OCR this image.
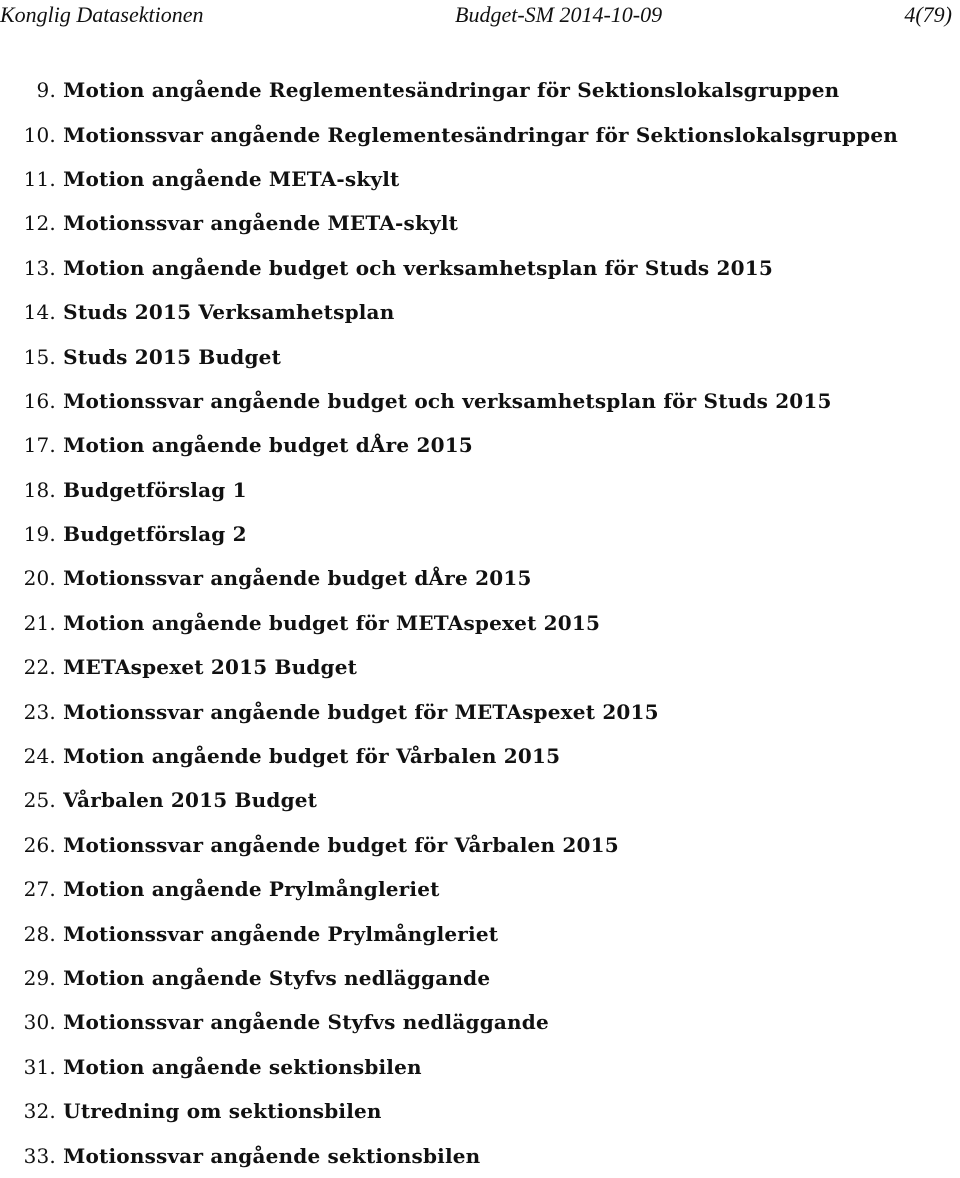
Konglig Datasektionen	Budget-SM 2014-10-09	4(79)
9.
Motion angående Reglementesändringar för Sektionslokalsgruppen
10.
Motionssvar angående Reglementesändringar för Sektionslokalsgruppen
11.
Motion angående META-skylt
12.
Motionssvar angående META-skylt
13.
Motion angående budget och verksamhetsplan för Studs 2015
14.
Studs 2015 Verksamhetsplan
15.
Studs 2015 Budget
16.
Motionssvar angående budget och verksamhetsplan för Studs 2015
17.
Motion angående budget dÅre 2015
18.
Budgetförslag 1
19.
Budgetförslag 2
20.
Motionssvar angående budget dÅre 2015
21.
Motion angående budget för METAspexet 2015
22.
METAspexet 2015 Budget
23.
Motionssvar angående budget för METAspexet 2015
24.
Motion angående budget för Vårbalen 2015
25.
Vårbalen 2015 Budget
26.
Motionssvar angående budget för Vårbalen 2015
27.
Motion angående Prylmångleriet
28.
Motionssvar angående Prylmångleriet
29.
Motion angående Styfvs nedläggande
30.
Motionssvar angående Styfvs nedläggande
31.
Motion angående sektionsbilen
32.
Utredning om sektionsbilen
33.
Motionssvar angående sektionsbilen
